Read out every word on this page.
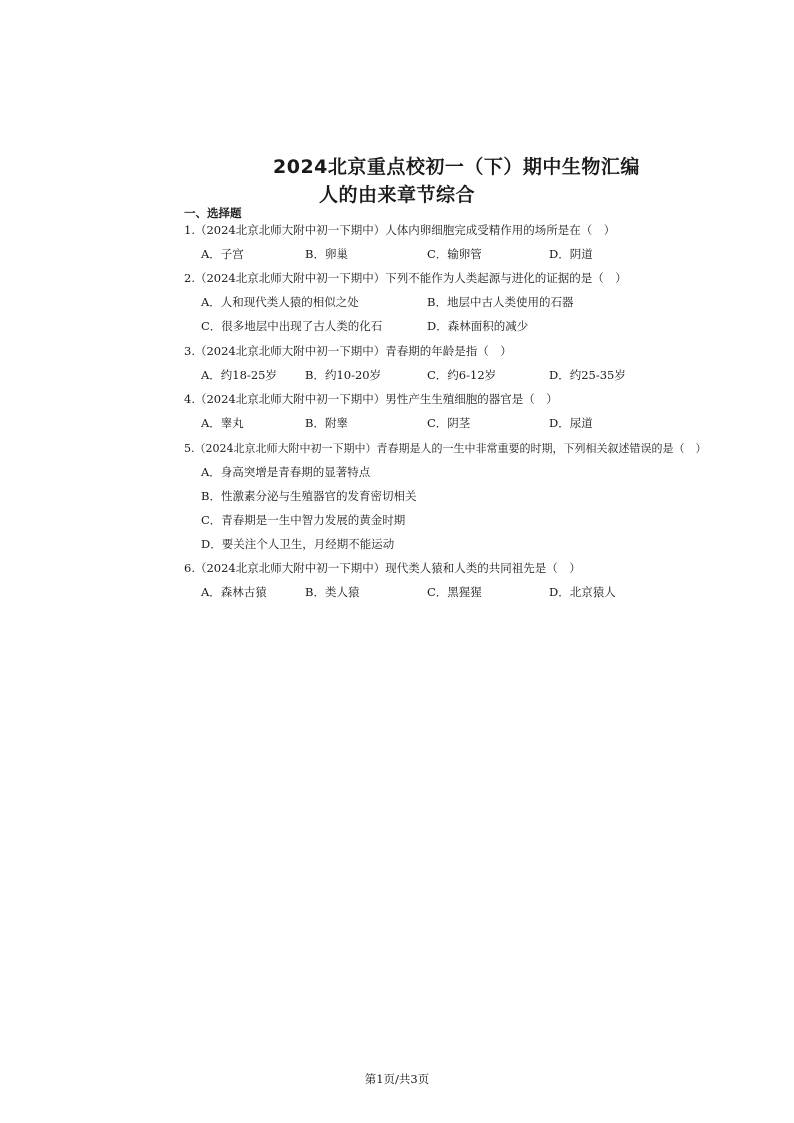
2024北京重点校初一（下）期中生物汇编
人的由来章节综合
一、选择题
1.（2024北京北师大附中初一下期中）人体内卵细胞完成受精作用的场所是在（　）
A．子宫	B．卵巢	C．输卵管	D．阴道
2.（2024北京北师大附中初一下期中）下列不能作为人类起源与进化的证据的是（　）
A．人和现代类人猿的相似之处	B．地层中古人类使用的石器
C．很多地层中出现了古人类的化石	D．森林面积的减少
3.（2024北京北师大附中初一下期中）青春期的年龄是指（　）
A．约18-25岁 B．约10-20岁	C．约6-12岁	D．约25-35岁
4.（2024北京北师大附中初一下期中）男性产生生殖细胞的器官是（　）
A．睾丸	B．附睾	C．阴茎	D．尿道
5.（2024北京北师大附中初一下期中）青春期是人的一生中非常重要的时期，下列相关叙述错误的是（　）
A．身高突增是青春期的显著特点
B．性激素分泌与生殖器官的发育密切相关
C．青春期是一生中智力发展的黄金时期
D．要关注个人卫生，月经期不能运动
6.（2024北京北师大附中初一下期中）现代类人猿和人类的共同祖先是（　）
A．森林古猿	B．类人猿	C．黑猩猩	D．北京猿人
第1页/共3页
